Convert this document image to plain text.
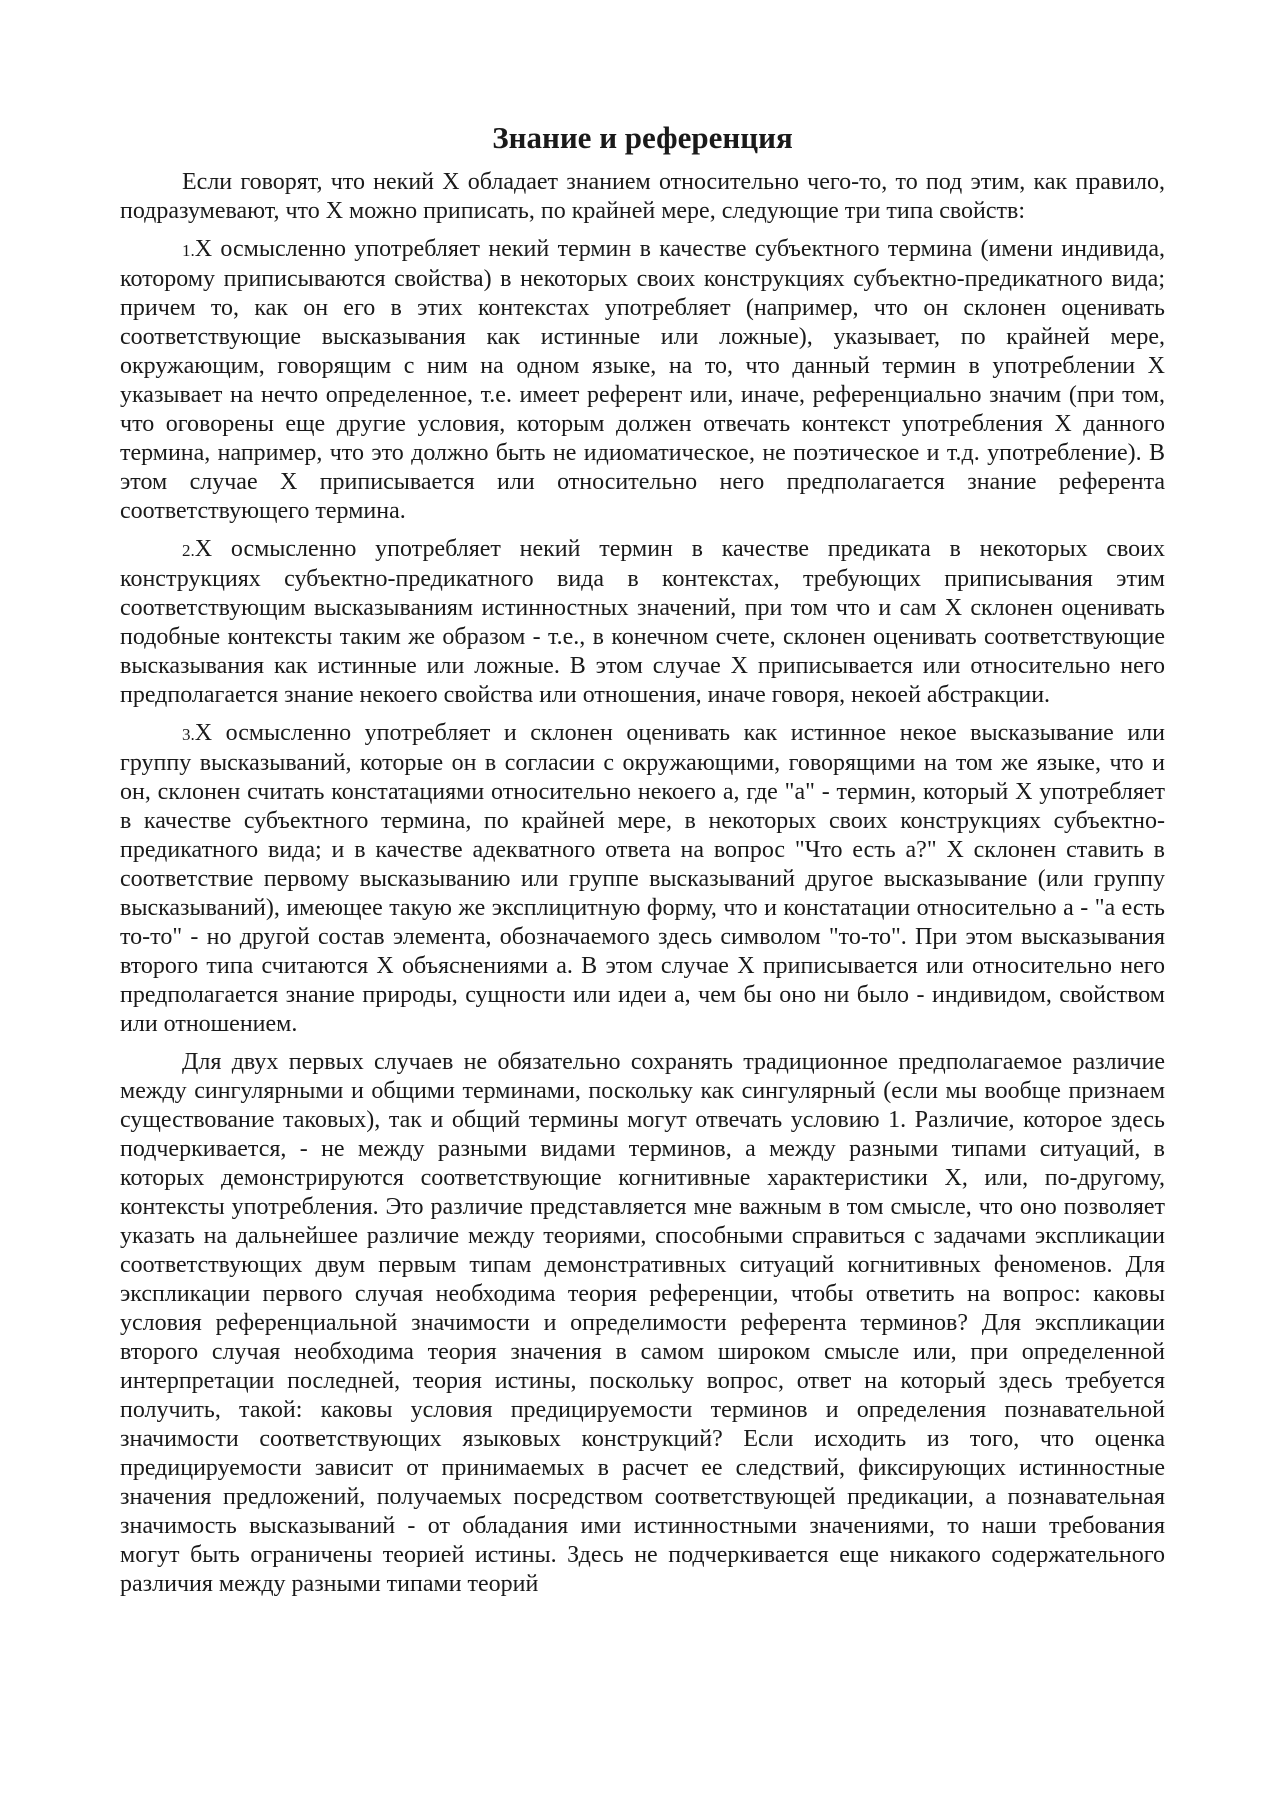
Знание и референция

Если говорят, что некий Х обладает знанием относительно чего-то, то под этим, как правило, подразумевают, что Х можно приписать, по крайней мере, следующие три типа свойств:

1.Х осмысленно употребляет некий термин в качестве субъектного термина (имени индивида, которому приписываются свойства) в некоторых своих конструкциях субъектно-предикатного вида; причем то, как он его в этих контекстах употребляет (например, что он склонен оценивать соответствующие высказывания как истинные или ложные), указывает, по крайней мере, окружающим, говорящим с ним на одном языке, на то, что данный термин в употреблении Х указывает на нечто определенное, т.е. имеет референт или, иначе, референциально значим (при том, что оговорены еще другие условия, которым должен отвечать контекст употребления Х данного термина, например, что это должно быть не идиоматическое, не поэтическое и т.д. употребление). В этом случае Х приписывается или относительно него предполагается знание референта соответствующего термина.

2.Х осмысленно употребляет некий термин в качестве предиката в некоторых своих конструкциях субъектно-предикатного вида в контекстах, требующих приписывания этим соответствующим высказываниям истинностных значений, при том что и сам Х склонен оценивать подобные контексты таким же образом - т.е., в конечном счете, склонен оценивать соответствующие высказывания как истинные или ложные. В этом случае Х приписывается или относительно него предполагается знание некоего свойства или отношения, иначе говоря, некоей абстракции.

3.Х осмысленно употребляет и склонен оценивать как истинное некое высказывание или группу высказываний, которые он в согласии с окружающими, говорящими на том же языке, что и он, склонен считать констатациями относительно некоего а, где "а" - термин, который Х употребляет в качестве субъектного термина, по крайней мере, в некоторых своих конструкциях субъектно-предикатного вида; и в качестве адекватного ответа на вопрос "Что есть а?" Х склонен ставить в соответствие первому высказыванию или группе высказываний другое высказывание (или группу высказываний), имеющее такую же эксплицитную форму, что и констатации относительно а - "а есть то-то" - но другой состав элемента, обозначаемого здесь символом "то-то". При этом высказывания второго типа считаются Х объяснениями а. В этом случае Х приписывается или относительно него предполагается знание природы, сущности или идеи а, чем бы оно ни было - индивидом, свойством или отношением.

Для двух первых случаев не обязательно сохранять традиционное предполагаемое различие между сингулярными и общими терминами, поскольку как сингулярный (если мы вообще признаем существование таковых), так и общий термины могут отвечать условию 1. Различие, которое здесь подчеркивается, - не между разными видами терминов, а между разными типами ситуаций, в которых демонстрируются соответствующие когнитивные характеристики Х, или, по-другому, контексты употребления. Это различие представляется мне важным в том смысле, что оно позволяет указать на дальнейшее различие между теориями, способными справиться с задачами экспликации соответствующих двум первым типам демонстративных ситуаций когнитивных феноменов. Для экспликации первого случая необходима теория референции, чтобы ответить на вопрос: каковы условия референциальной значимости и определимости референта терминов? Для экспликации второго случая необходима теория значения в самом широком смысле или, при определенной интерпретации последней, теория истины, поскольку вопрос, ответ на который здесь требуется получить, такой: каковы условия предицируемости терминов и определения познавательной значимости соответствующих языковых конструкций? Если исходить из того, что оценка предицируемости зависит от принимаемых в расчет ее следствий, фиксирующих истинностные значения предложений, получаемых посредством соответствующей предикации, а познавательная значимость высказываний - от обладания ими истинностными значениями, то наши требования могут быть ограничены теорией истины. Здесь не подчеркивается еще никакого содержательного различия между разными типами теорий
